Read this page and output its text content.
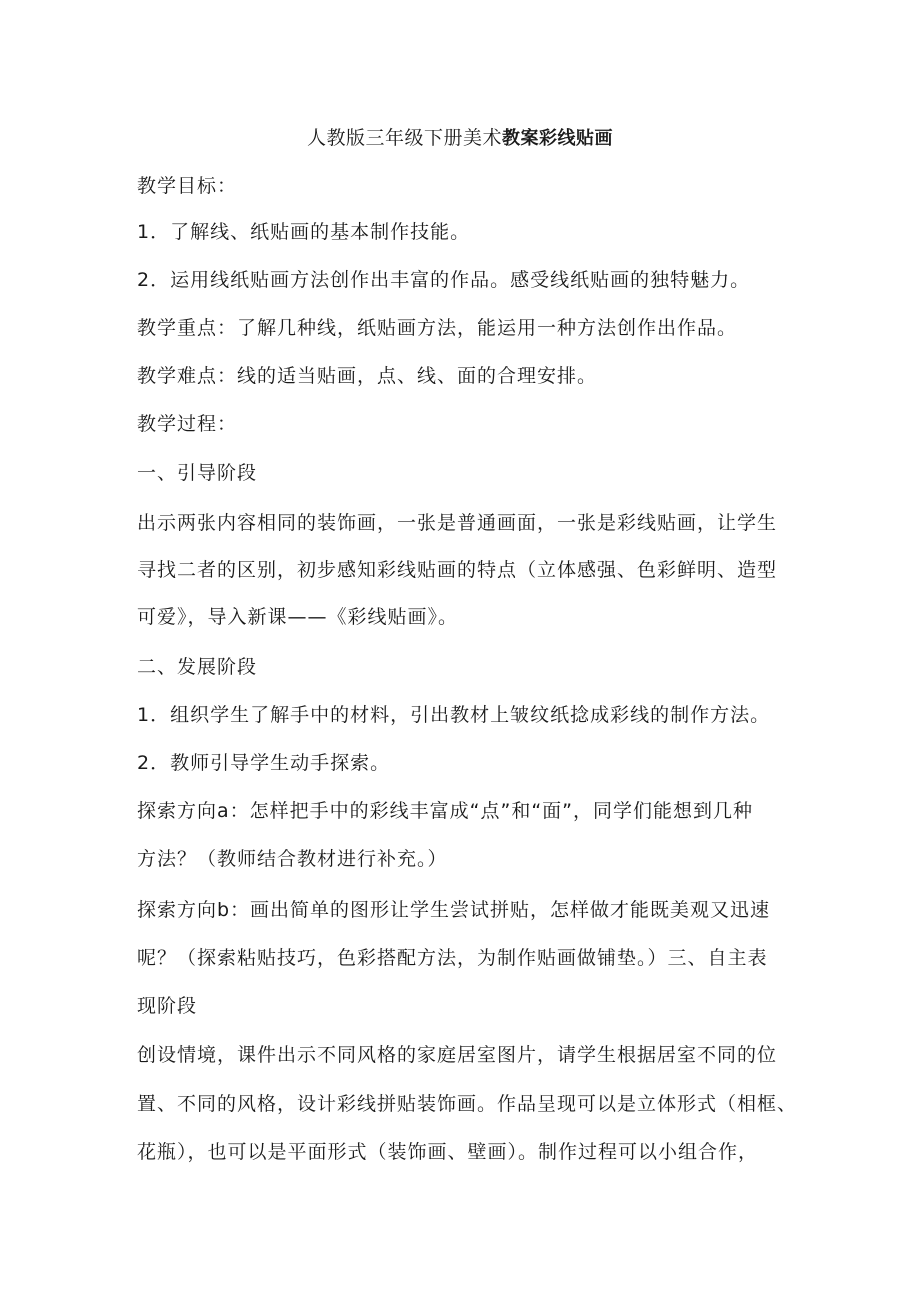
人教版三年级下册美术教案彩线贴画
教学目标：
1．了解线、纸贴画的基本制作技能。
2．运用线纸贴画方法创作出丰富的作品。感受线纸贴画的独特魅力。
教学重点：了解几种线，纸贴画方法，能运用一种方法创作出作品。
教学难点：线的适当贴画，点、线、面的合理安排。
教学过程：
一、引导阶段
出示两张内容相同的装饰画，一张是普通画面，一张是彩线贴画，让学生
寻找二者的区别，初步感知彩线贴画的特点（立体感强、色彩鲜明、造型
可爱》，导入新课——《彩线贴画》。
二、发展阶段
1．组织学生了解手中的材料，引出教材上皱纹纸捻成彩线的制作方法。
2．教师引导学生动手探索。
探索方向a：怎样把手中的彩线丰富成“点”和“面”，同学们能想到几种
方法？（教师结合教材进行补充。）
探索方向b：画出简单的图形让学生尝试拼贴，怎样做才能既美观又迅速
呢？（探索粘贴技巧，色彩搭配方法，为制作贴画做铺垫。）三、自主表
现阶段
创设情境，课件出示不同风格的家庭居室图片，请学生根据居室不同的位
置、不同的风格，设计彩线拼贴装饰画。作品呈现可以是立体形式（相框、
花瓶），也可以是平面形式（装饰画、壁画）。制作过程可以小组合作，
